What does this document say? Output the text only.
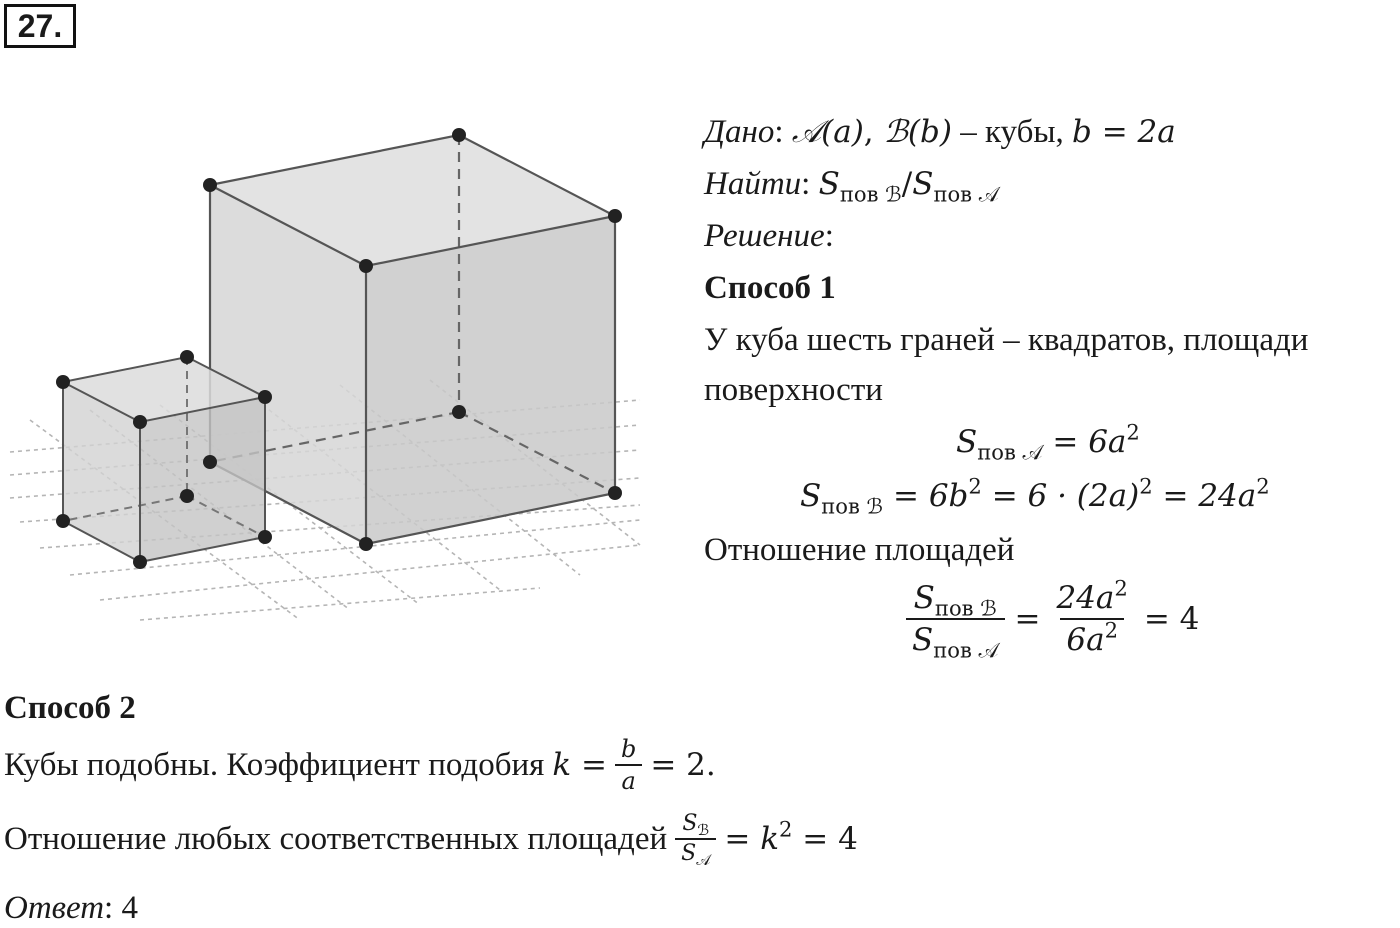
27.
Дано: 𝒜(a), ℬ(b) – кубы, b = 2a
Найти: $S_{пов ℬ}/S_{пов 𝒜}$
Решение:
Способ 1
У куба шесть граней – квадратов, площади
поверхности
$S_{пов 𝒜} = 6a^2$
$S_{пов ℬ} = 6b^2 = 6 \cdot (2a)^2 = 24a^2$
Отношение площадей
$\frac{S_{пов ℬ}}{S_{пов 𝒜}} = \frac{24a^2}{6a^2} = 4$
Способ 2
Кубы подобны. Коэффициент подобия $k = \frac{b}{a} = 2$.
Отношение любых соответственных площадей $\frac{S_ℬ}{S_𝒜} = k^2 = 4$
Ответ: 4
